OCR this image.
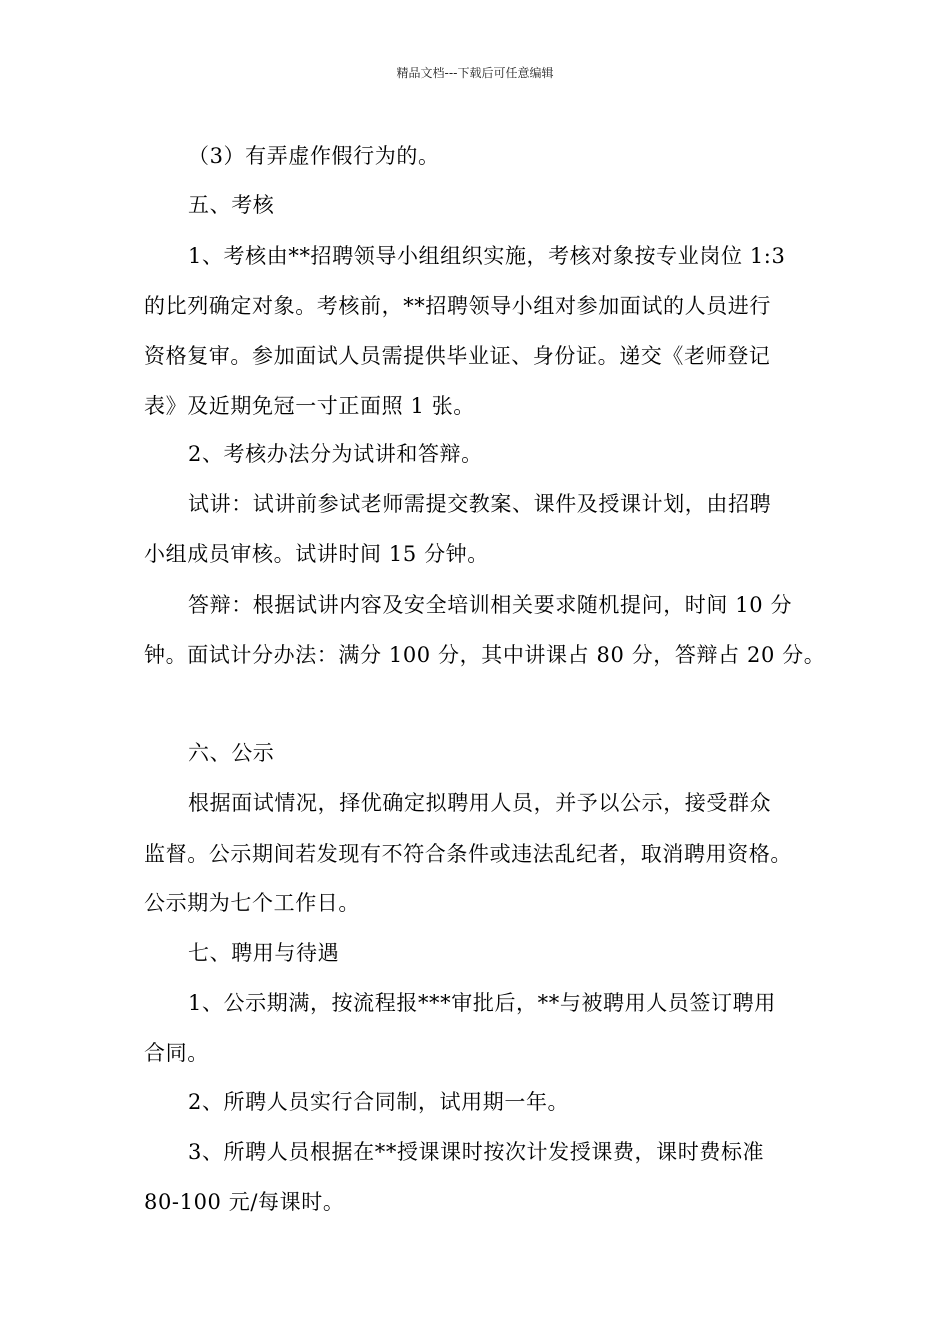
精品文档---下载后可任意编辑
（3）有弄虚作假行为的。
五、考核
1、考核由**招聘领导小组组织实施，考核对象按专业岗位 1:3
的比列确定对象。考核前，**招聘领导小组对参加面试的人员进行
资格复审。参加面试人员需提供毕业证、身份证。递交《老师登记
表》及近期免冠一寸正面照 1 张。
2、考核办法分为试讲和答辩。
试讲：试讲前参试老师需提交教案、课件及授课计划，由招聘
小组成员审核。试讲时间 15 分钟。
答辩：根据试讲内容及安全培训相关要求随机提问，时间 10 分
钟。面试计分办法：满分 100 分，其中讲课占 80 分，答辩占 20 分。
六、公示
根据面试情况，择优确定拟聘用人员，并予以公示，接受群众
监督。公示期间若发现有不符合条件或违法乱纪者，取消聘用资格。
公示期为七个工作日。
七、聘用与待遇
1、公示期满，按流程报***审批后，**与被聘用人员签订聘用
合同。
2、所聘人员实行合同制，试用期一年。
3、所聘人员根据在**授课课时按次计发授课费，课时费标准
80-100 元/每课时。
